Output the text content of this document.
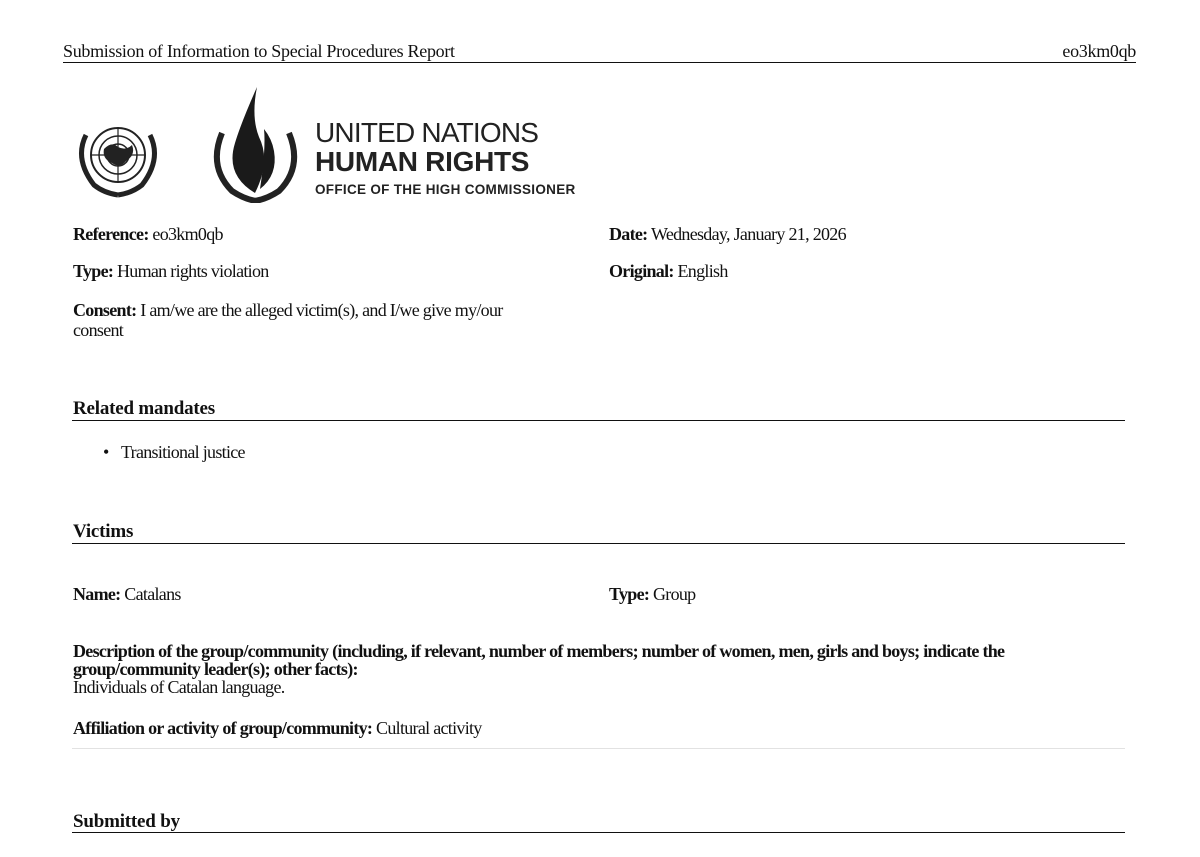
Submission of Information to Special Procedures Report	eo3km0qb
UNITED NATIONS
HUMAN RIGHTS
OFFICE OF THE HIGH COMMISSIONER
Reference: eo3km0qb	Date: Wednesday, January 21, 2026
Type: Human rights violation	Original: English
Consent: I am/we are the alleged victim(s), and I/we give my/our
consent
Related mandates
• Transitional justice
Victims
Name: Catalans	Type: Group
Description of the group/community (including, if relevant, number of members; number of women, men, girls and boys; indicate the
group/community leader(s); other facts):
Individuals of Catalan language.
Affiliation or activity of group/community: Cultural activity
Submitted by
